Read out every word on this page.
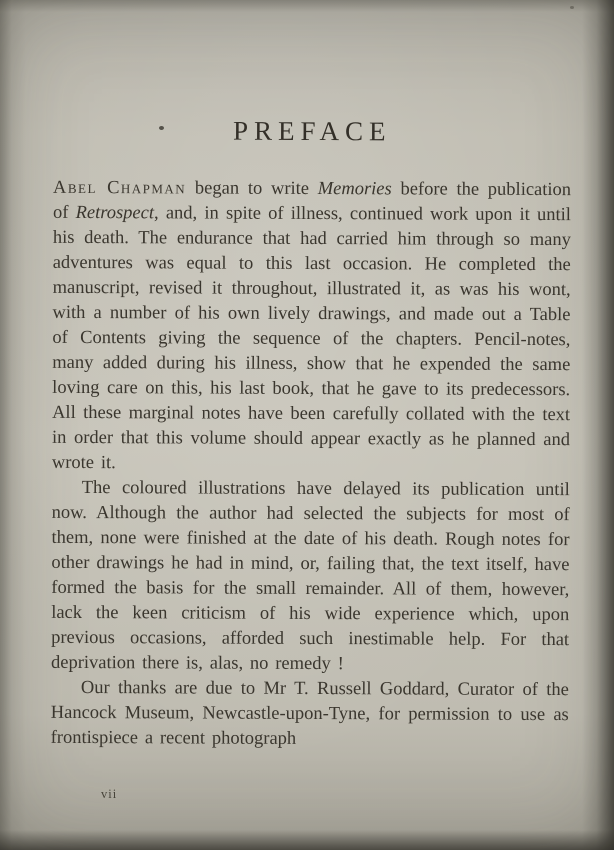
PREFACE

Abel Chapman began to write Memories before the publication of Retrospect, and, in spite of illness, continued work upon it until his death. The endurance that had carried him through so many adventures was equal to this last occasion. He completed the manuscript, revised it throughout, illustrated it, as was his wont, with a number of his own lively drawings, and made out a Table of Contents giving the sequence of the chapters. Pencil-notes, many added during his illness, show that he expended the same loving care on this, his last book, that he gave to its predecessors. All these marginal notes have been carefully collated with the text in order that this volume should appear exactly as he planned and wrote it.

The coloured illustrations have delayed its publication until now. Although the author had selected the subjects for most of them, none were finished at the date of his death. Rough notes for other drawings he had in mind, or, failing that, the text itself, have formed the basis for the small remainder. All of them, however, lack the keen criticism of his wide experience which, upon previous occasions, afforded such inestimable help. For that deprivation there is, alas, no remedy !

Our thanks are due to Mr T. Russell Goddard, Curator of the Hancock Museum, Newcastle-upon-Tyne, for permission to use as frontispiece a recent photograph

vii
